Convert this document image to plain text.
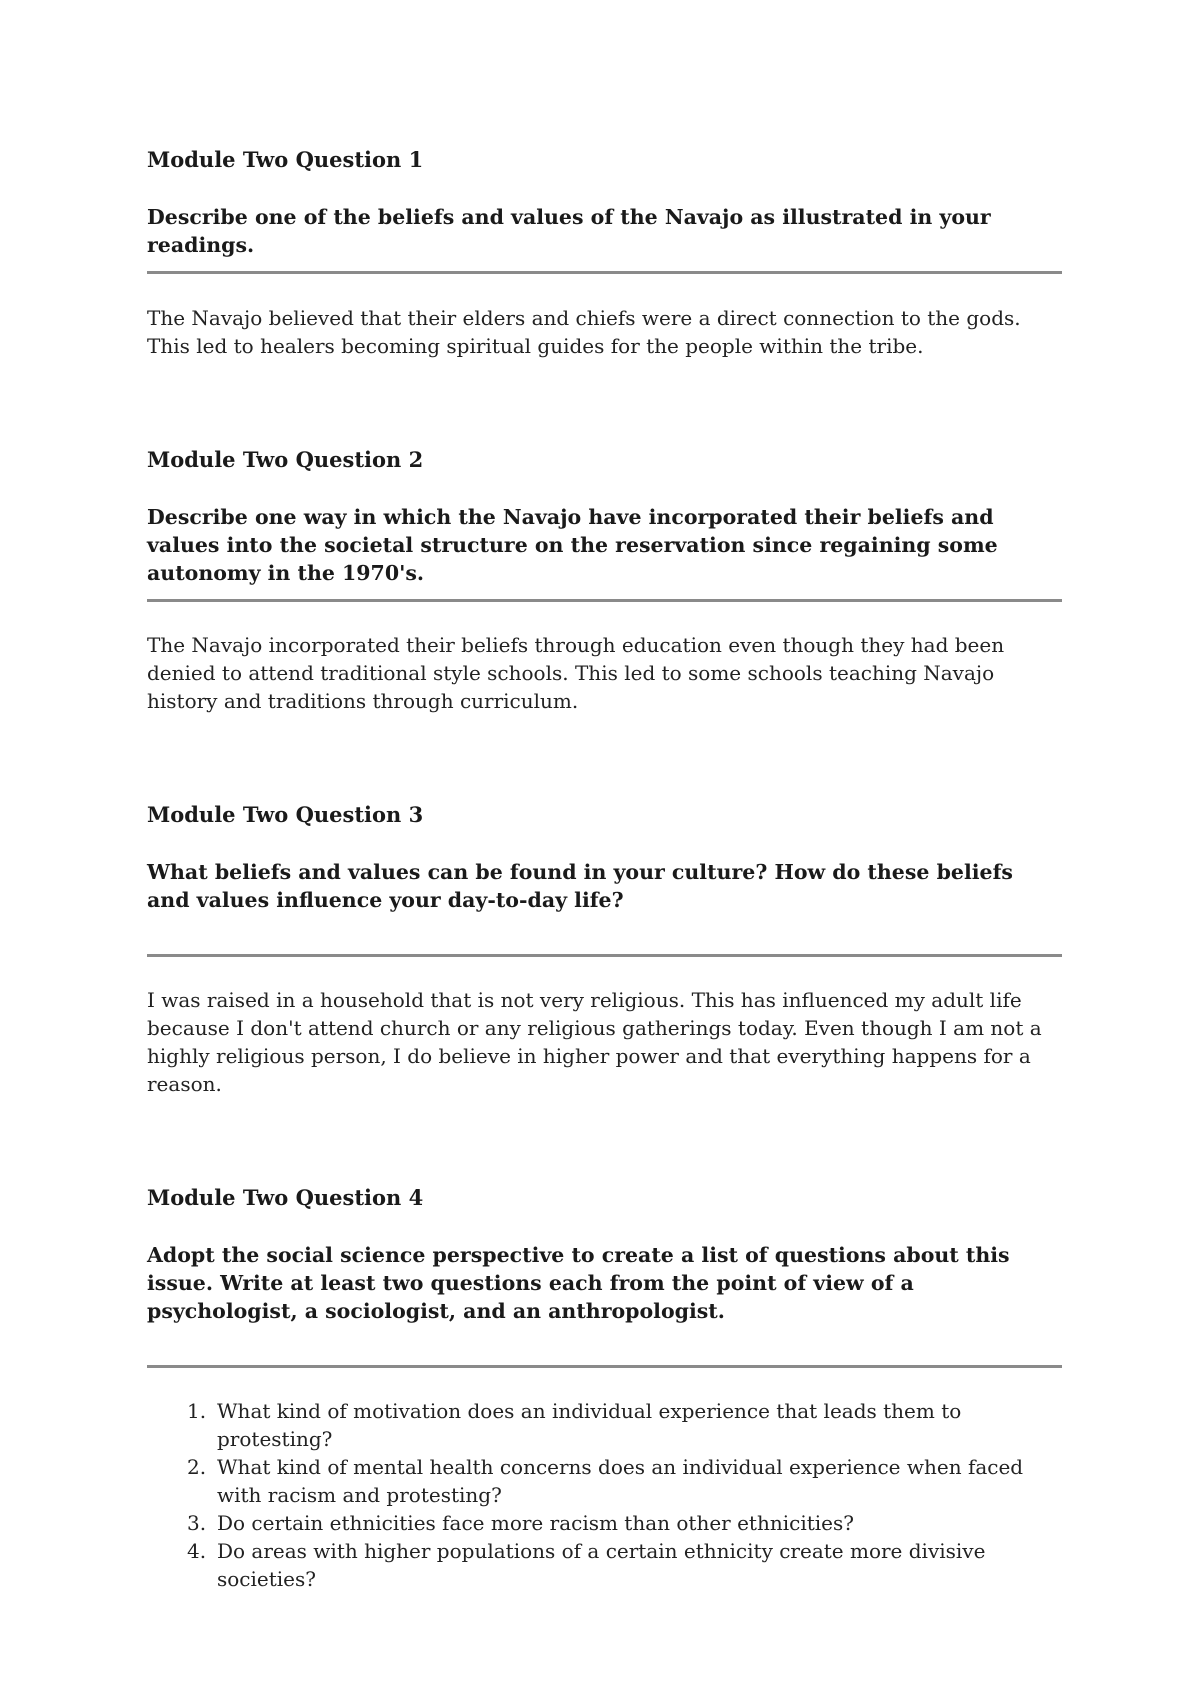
Module Two Question 1
Describe one of the beliefs and values of the Navajo as illustrated in your readings.
The Navajo believed that their elders and chiefs were a direct connection to the gods. This led to healers becoming spiritual guides for the people within the tribe.
Module Two Question 2
Describe one way in which the Navajo have incorporated their beliefs and values into the societal structure on the reservation since regaining some autonomy in the 1970's.
The Navajo incorporated their beliefs through education even though they had been denied to attend traditional style schools. This led to some schools teaching Navajo history and traditions through curriculum.
Module Two Question 3
What beliefs and values can be found in your culture? How do these beliefs and values influence your day-to-day life?
I was raised in a household that is not very religious. This has influenced my adult life because I don't attend church or any religious gatherings today. Even though I am not a highly religious person, I do believe in higher power and that everything happens for a reason.
Module Two Question 4
Adopt the social science perspective to create a list of questions about this issue. Write at least two questions each from the point of view of a psychologist, a sociologist, and an anthropologist.
1. What kind of motivation does an individual experience that leads them to protesting?
2. What kind of mental health concerns does an individual experience when faced with racism and protesting?
3. Do certain ethnicities face more racism than other ethnicities?
4. Do areas with higher populations of a certain ethnicity create more divisive societies?
